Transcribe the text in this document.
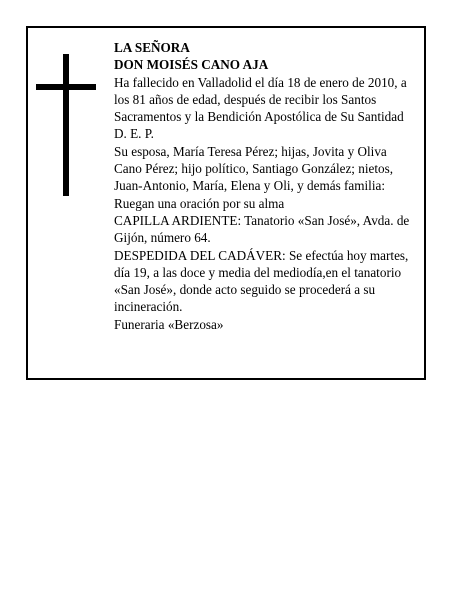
LA SEÑORA
DON MOISÉS CANO AJA
Ha fallecido en Valladolid el día 18 de enero de 2010, a
los 81 años de edad, después de recibir los Santos
Sacramentos y la Bendición Apostólica de Su Santidad
D. E. P.
Su esposa, María Teresa Pérez; hijas, Jovita y Oliva
Cano Pérez; hijo político, Santiago González; nietos,
Juan-Antonio, María, Elena y Oli, y demás familia:
Ruegan una oración por su alma
CAPILLA ARDIENTE: Tanatorio «San José», Avda. de
Gijón, número 64.
DESPEDIDA DEL CADÁVER: Se efectúa hoy martes,
día 19, a las doce y media del mediodía,en el tanatorio
«San José», donde acto seguido se procederá a su
incineración.
Funeraria «Berzosa»
